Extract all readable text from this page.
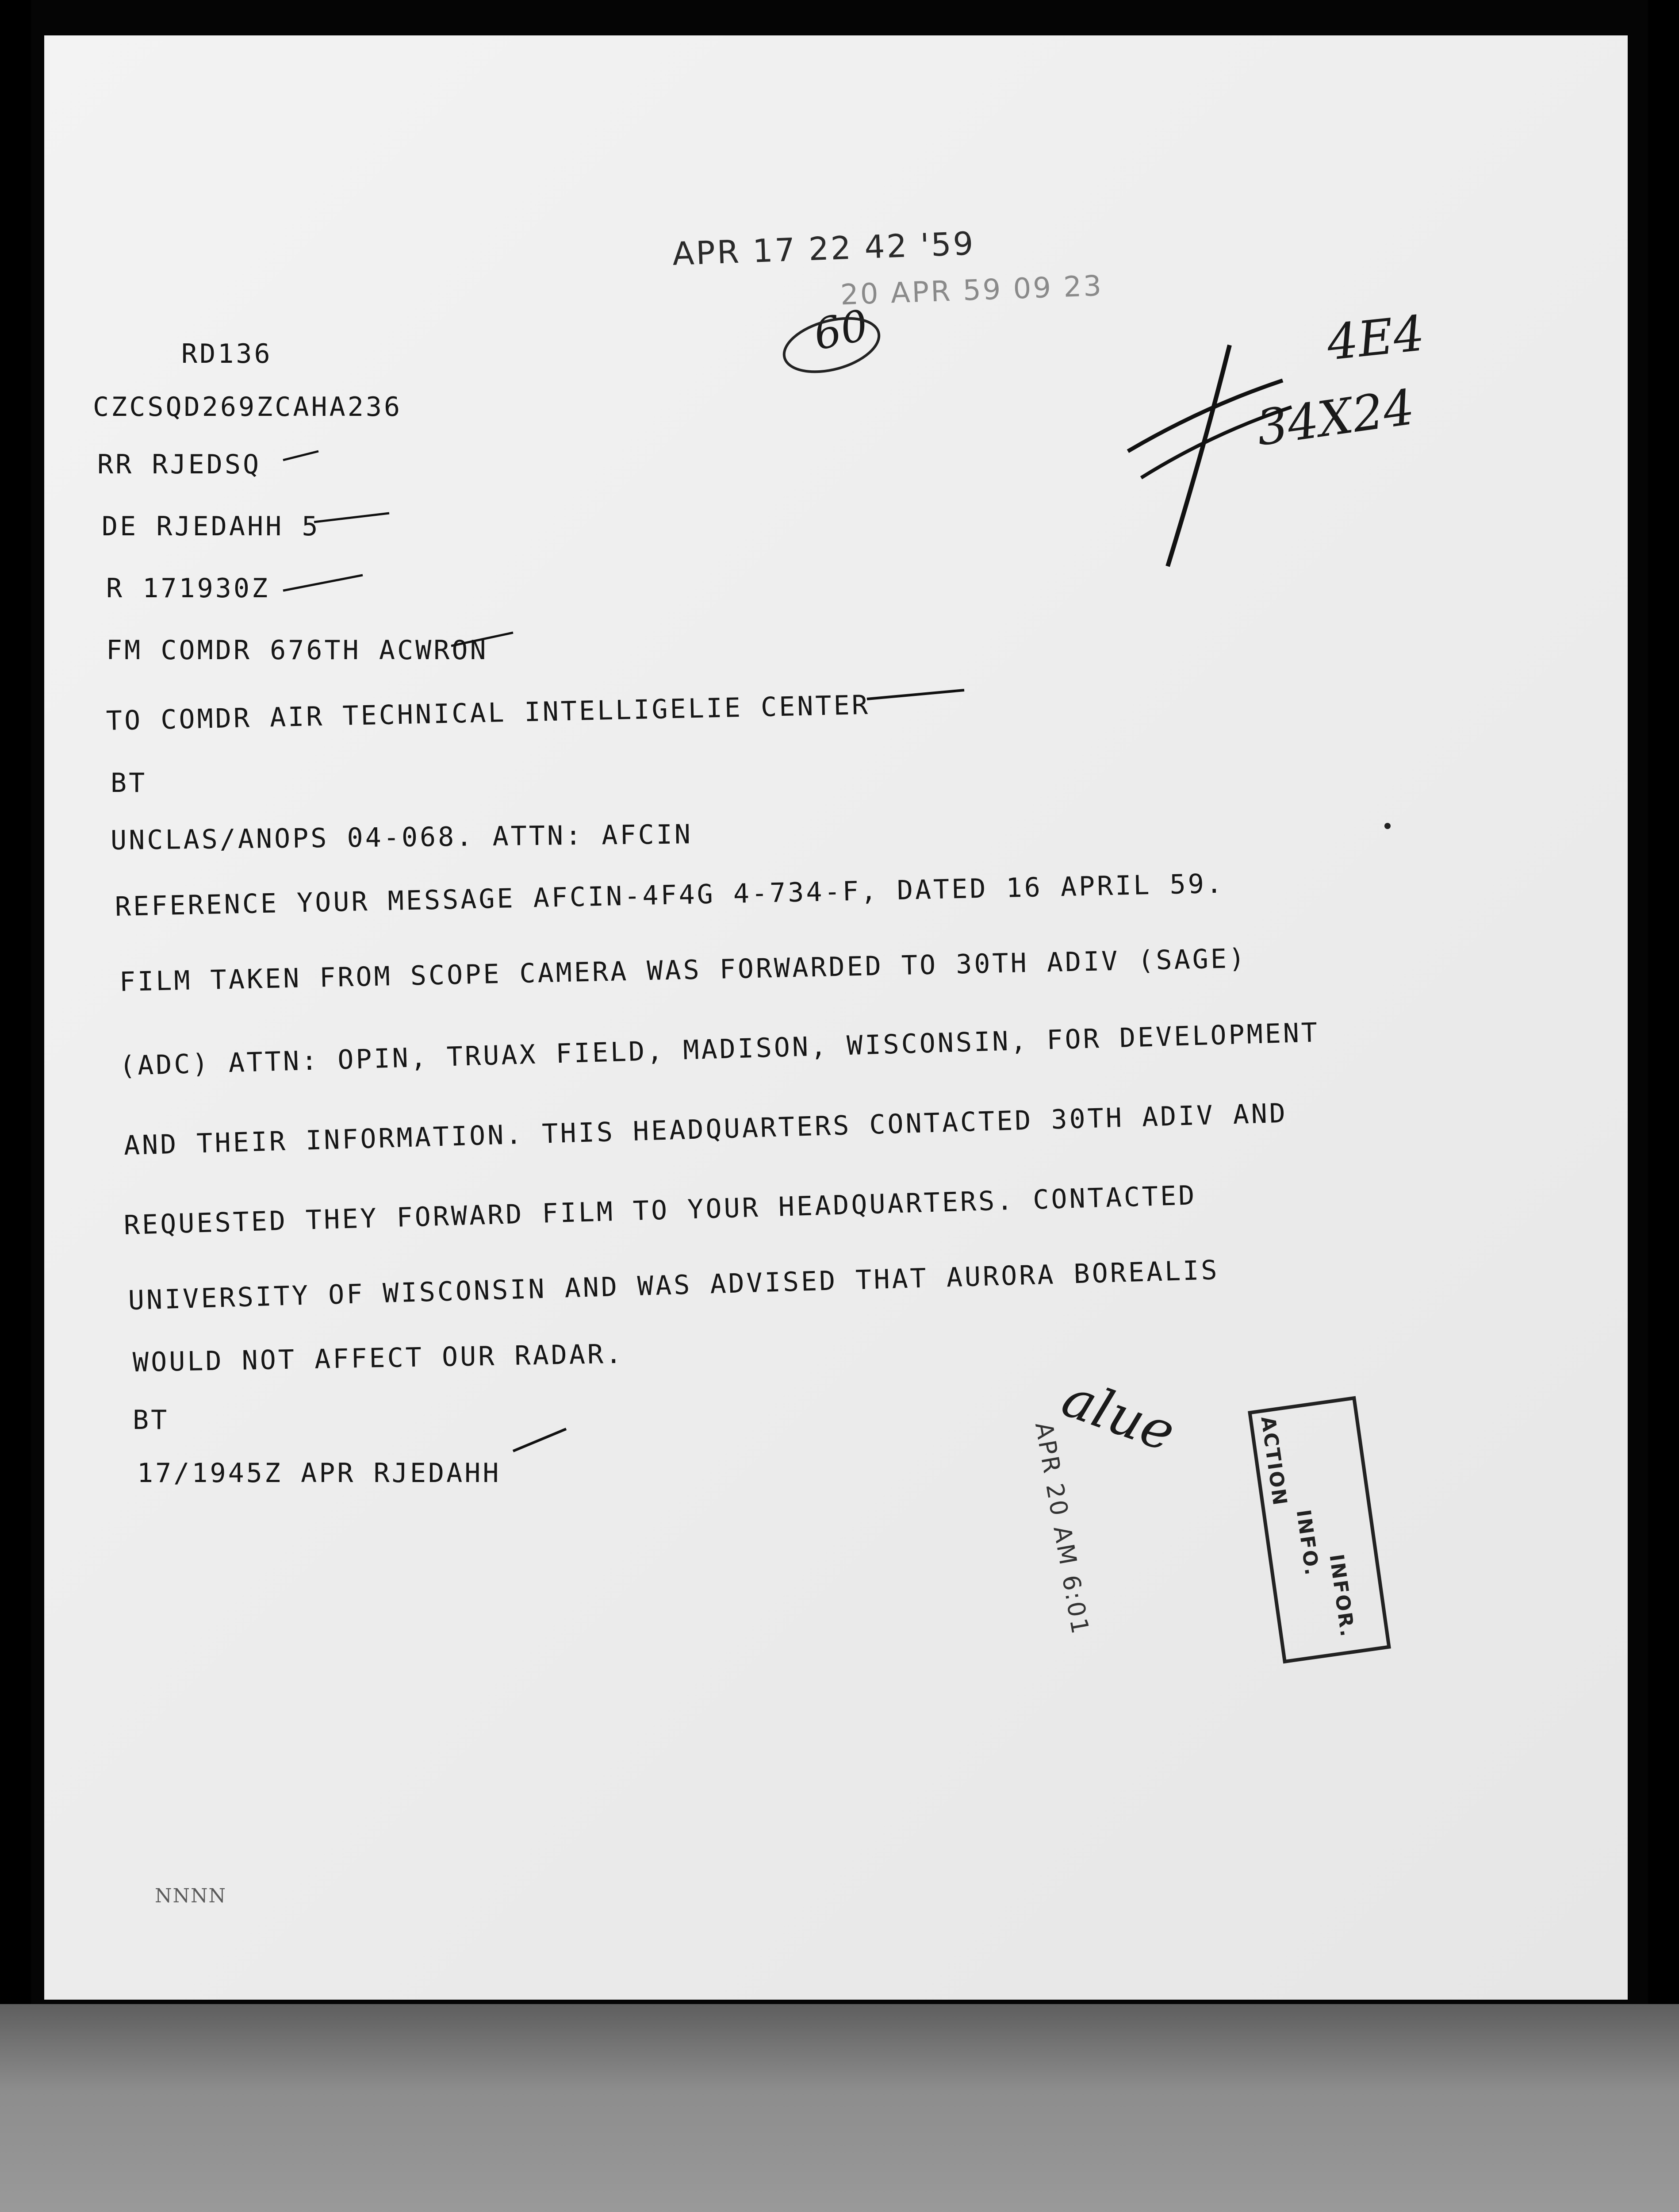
APR 17 22 42 '59
20 APR 59 09 23
60	4E4
34X24
RD136
CZCSQD269ZCAHA236
RR RJEDSQ
DE RJEDAHH 5
R 171930Z
FM COMDR 676TH ACWRON
TO COMDR AIR TECHNICAL INTELLIGELIE CENTER
BT
UNCLAS/ANOPS 04-068. ATTN: AFCIN
REFERENCE YOUR MESSAGE AFCIN-4F4G 4-734-F, DATED 16 APRIL 59.
FILM TAKEN FROM SCOPE CAMERA WAS FORWARDED TO 30TH ADIV (SAGE)
(ADC) ATTN: OPIN, TRUAX FIELD, MADISON, WISCONSIN, FOR DEVELOPMENT
AND THEIR INFORMATION. THIS HEADQUARTERS CONTACTED 30TH ADIV AND
REQUESTED THEY FORWARD FILM TO YOUR HEADQUARTERS. CONTACTED
UNIVERSITY OF WISCONSIN AND WAS ADVISED THAT AURORA BOREALIS
WOULD NOT AFFECT OUR RADAR.
BT
17/1945Z APR RJEDAHH	ACTION
INFO.
INFOR.
alue
APR 20 AM 6:01
NNNN
